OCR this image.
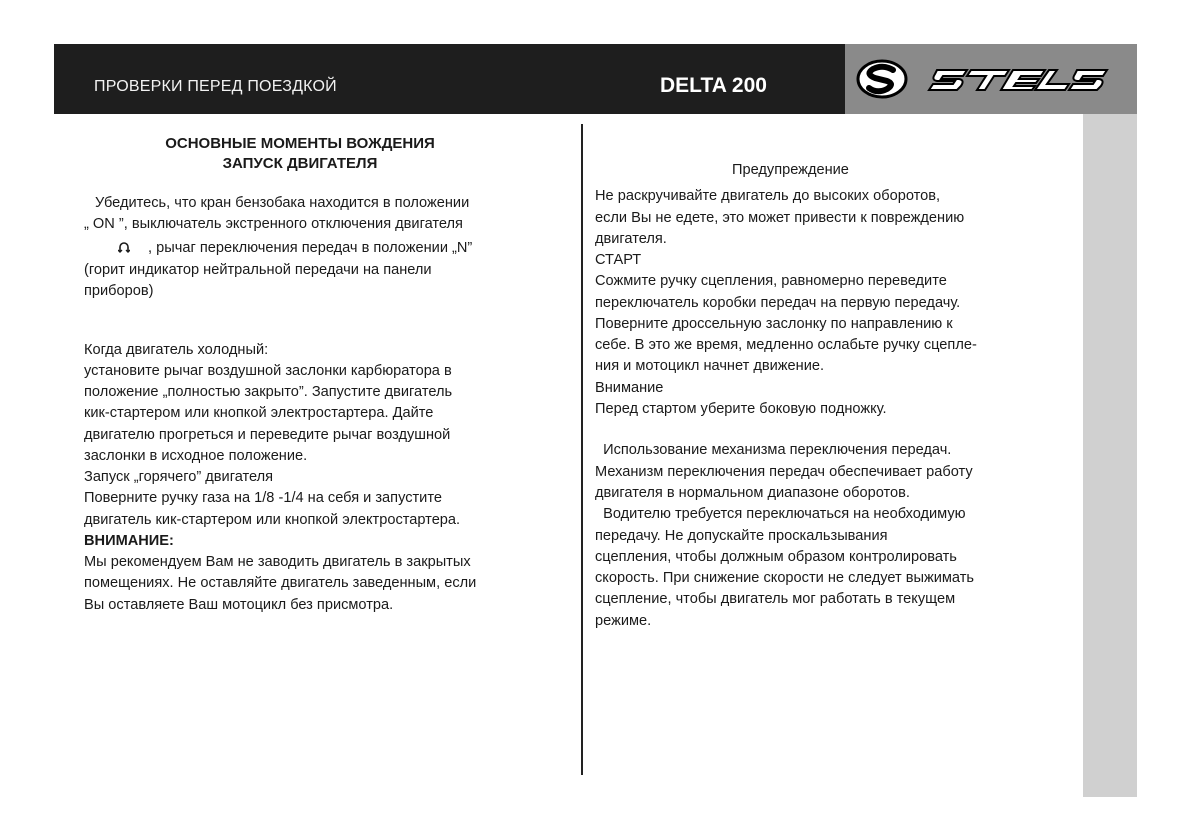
ПРОВЕРКИ ПЕРЕД ПОЕЗДКОЙ	DELTA 200
ОСНОВНЫЕ МОМЕНТЫ ВОЖДЕНИЯ
ЗАПУСК ДВИГАТЕЛЯ
Убедитесь, что кран бензобака находится в положении
„ ON ”, выключатель экстренного отключения двигателя
, рычаг переключения передач в положении „N”
(горит индикатор нейтральной передачи на панели
приборов)
Когда двигатель холодный:
установите рычаг воздушной заслонки карбюратора в
положение „полностью закрыто”. Запустите двигатель
кик-стартером или кнопкой электростартера. Дайте
двигателю прогреться и переведите рычаг воздушной
заслонки в исходное положение.
Запуск „горячего” двигателя
Поверните ручку газа на 1/8 -1/4 на себя и запустите
двигатель кик-стартером или кнопкой электростартера.
ВНИМАНИЕ:
Мы рекомендуем Вам не заводить двигатель в закрытых
помещениях. Не оставляйте двигатель заведенным, если
Вы оставляете Ваш мотоцикл без присмотра.
Предупреждение
Не раскручивайте двигатель до высоких оборотов,
если Вы не едете, это может привести к повреждению
двигателя.
СТАРТ
Сожмите ручку сцепления, равномерно переведите
переключатель коробки передач на первую передачу.
Поверните дроссельную заслонку по направлению к
себе. В это же время, медленно ослабьте ручку сцепле-
ния и мотоцикл начнет движение.
Внимание
Перед стартом уберите боковую подножку.
Использование механизма переключения передач.
Механизм переключения передач обеспечивает работу
двигателя в нормальном диапазоне оборотов.
Водителю требуется переключаться на необходимую
передачу. Не допускайте проскальзывания
сцепления, чтобы должным образом контролировать
скорость. При снижение скорости не следует выжимать
сцепление, чтобы двигатель мог работать в текущем
режиме.
